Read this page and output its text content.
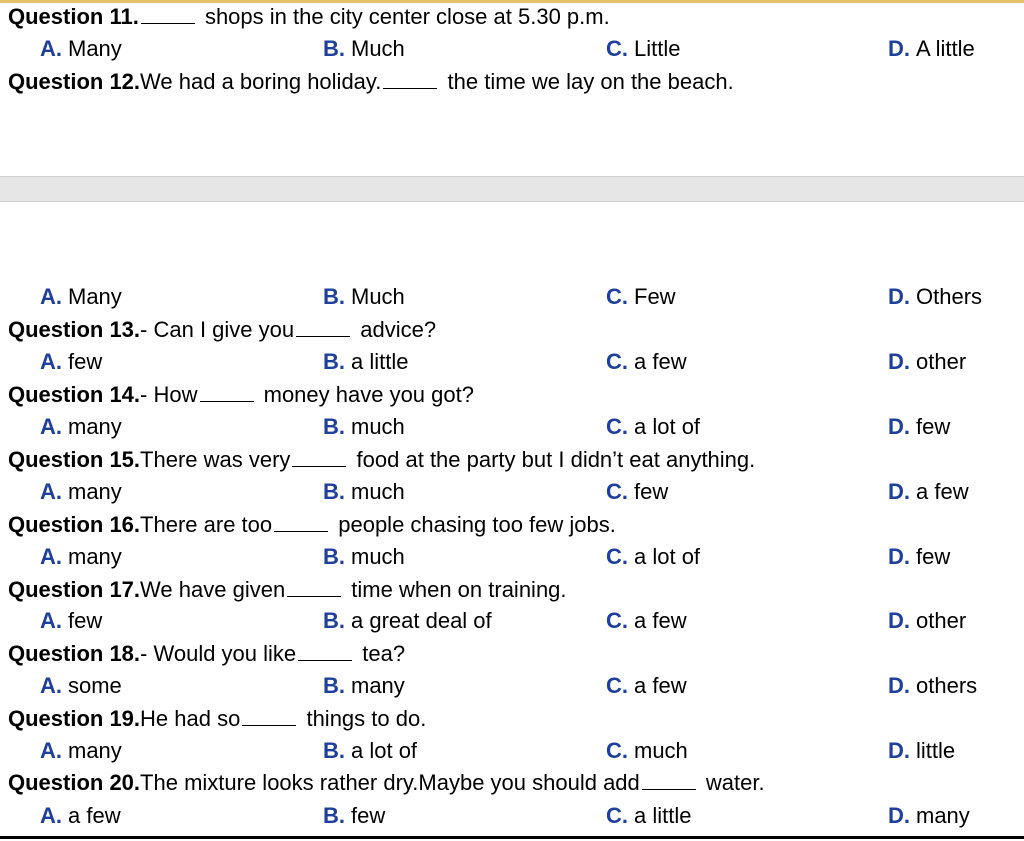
Question 11.	shops in the city center close at 5.30 p.m.
A. Many	B. Much	C. Little	D. A little
Question 12.We had a boring holiday.	the time we lay on the beach.
A. Many	B. Much	C. Few	D. Others
Question 13.- Can I give you	advice?
A. few	B. a little	C. a few	D. other
Question 14.- How	money have you got?
A. many	B. much	C. a lot of	D. few
Question 15.There was very	food at the party but I didn’t eat anything.
A. many	B. much	C. few	D. a few
Question 16.There are too	people chasing too few jobs.
A. many	B. much	C. a lot of	D. few
Question 17.We have given	time when on training.
A. few	B. a great deal of	C. a few	D. other
Question 18.- Would you like	tea?
A. some	B. many	C. a few	D. others
Question 19.He had so	things to do.
A. many	B. a lot of	C. much	D. little
Question 20.The mixture looks rather dry.Maybe you should add	water.
A. a few	B. few	C. a little	D. many
